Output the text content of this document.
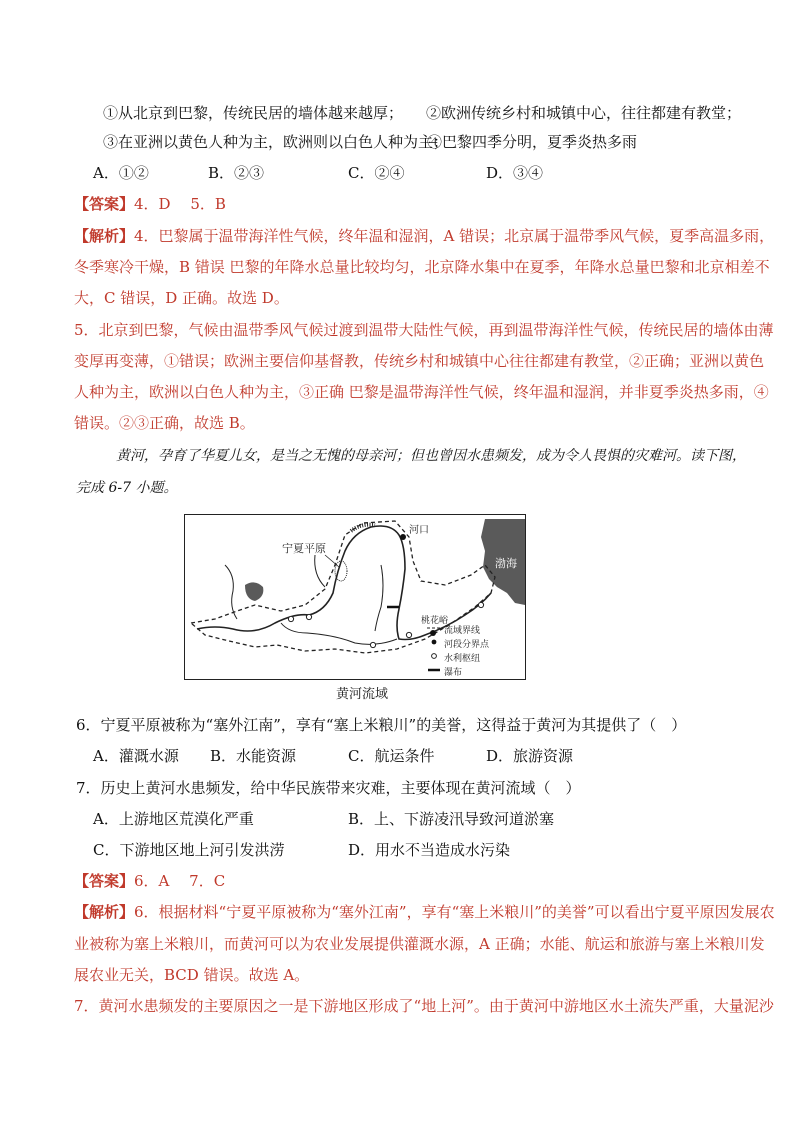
①从北京到巴黎，传统民居的墙体越来越厚； ②欧洲传统乡村和城镇中心，往往都建有教堂；
③在亚洲以黄色人种为主，欧洲则以白色人种为主；
④巴黎四季分明，夏季炎热多雨
A．①②	B．②③	C．②④	D．③④
【答案】4．D　 5．B
【解析】4．巴黎属于温带海洋性气候，终年温和湿润，A 错误；北京属于温带季风气候，夏季高温多雨，
冬季寒冷干燥，B 错误 巴黎的年降水总量比较均匀，北京降水集中在夏季，年降水总量巴黎和北京相差不
大，C 错误，D 正确。故选 D。
5．北京到巴黎，气候由温带季风气候过渡到温带大陆性气候，再到温带海洋性气候，传统民居的墙体由薄
变厚再变薄，①错误；欧洲主要信仰基督教，传统乡村和城镇中心往往都建有教堂，②正确；亚洲以黄色
人种为主，欧洲以白色人种为主，③正确 巴黎是温带海洋性气候，终年温和湿润，并非夏季炎热多雨，④
错误。②③正确，故选 B。
黄河，孕育了华夏儿女，是当之无愧的母亲河；但也曾因水患频发，成为令人畏惧的灾难河。读下图，
完成 6-7 小题。
宁夏平原
河口
渤海
桃花峪
流域界线
河段分界点
水利枢纽
瀑布
黄河流域
6．宁夏平原被称为“塞外江南”，享有“塞上米粮川”的美誉，这得益于黄河为其提供了（　）
A．灌溉水源 B．水能资源	C．航运条件	D．旅游资源
7．历史上黄河水患频发，给中华民族带来灾难，主要体现在黄河流域（　）
A．上游地区荒漠化严重	B．上、下游凌汛导致河道淤塞
C．下游地区地上河引发洪涝	D．用水不当造成水污染
【答案】6．A　 7．C
【解析】6．根据材料“宁夏平原被称为“塞外江南”，享有“塞上米粮川”的美誉”可以看出宁夏平原因发展农
业被称为塞上米粮川，而黄河可以为农业发展提供灌溉水源，A 正确；水能、航运和旅游与塞上米粮川发
展农业无关，BCD 错误。故选 A。
7．黄河水患频发的主要原因之一是下游地区形成了“地上河”。由于黄河中游地区水土流失严重，大量泥沙
